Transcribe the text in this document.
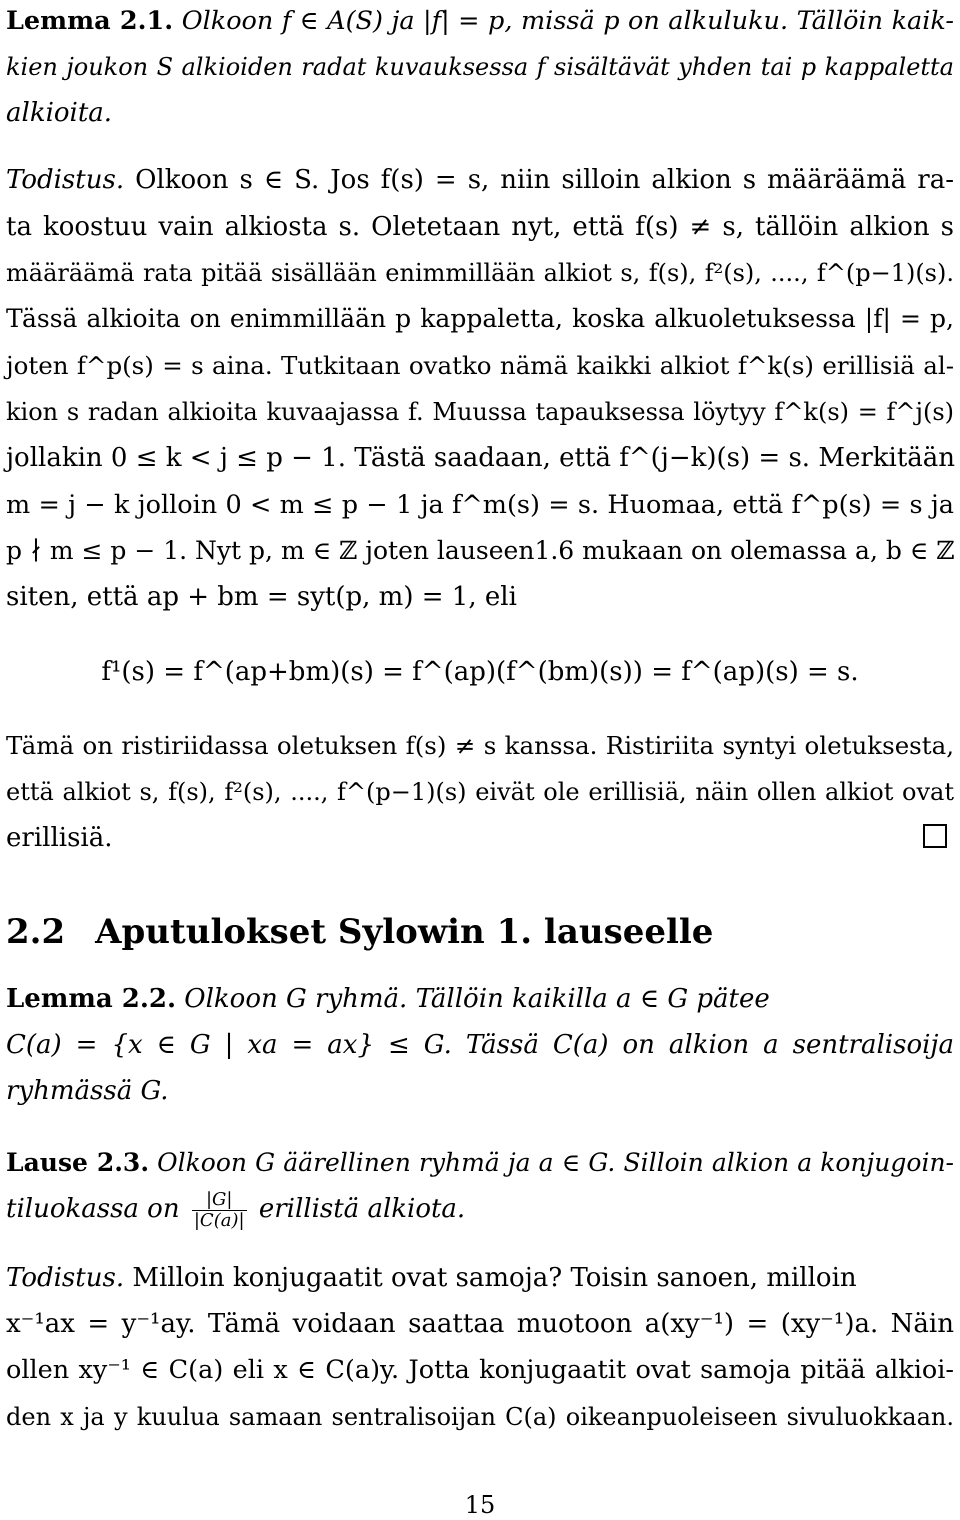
Lemma 2.1. Olkoon f ∈ A(S) ja |f| = p, missä p on alkuluku. Tällöin kaik-
kien joukon S alkioiden radat kuvauksessa f sisältävät yhden tai p kappaletta
alkioita.
Todistus. Olkoon s ∈ S. Jos f(s) = s, niin silloin alkion s määräämä ra-
ta koostuu vain alkiosta s. Oletetaan nyt, että f(s) ≠ s, tällöin alkion s
määräämä rata pitää sisällään enimmillään alkiot s, f(s), f²(s), ...., f^(p−1)(s).
Tässä alkioita on enimmillään p kappaletta, koska alkuoletuksessa |f| = p,
joten f^p(s) = s aina. Tutkitaan ovatko nämä kaikki alkiot f^k(s) erillisiä al-
kion s radan alkioita kuvaajassa f. Muussa tapauksessa löytyy f^k(s) = f^j(s)
jollakin 0 ≤ k < j ≤ p − 1. Tästä saadaan, että f^(j−k)(s) = s. Merkitään
m = j − k jolloin 0 < m ≤ p − 1 ja f^m(s) = s. Huomaa, että f^p(s) = s ja
p ∤ m ≤ p − 1. Nyt p, m ∈ ℤ joten lauseen1.6 mukaan on olemassa a, b ∈ ℤ
siten, että ap + bm = syt(p, m) = 1, eli
f¹(s) = f^(ap+bm)(s) = f^(ap)(f^(bm)(s)) = f^(ap)(s) = s.
Tämä on ristiriidassa oletuksen f(s) ≠ s kanssa. Ristiriita syntyi oletuksesta,
että alkiot s, f(s), f²(s), ...., f^(p−1)(s) eivät ole erillisiä, näin ollen alkiot ovat
erillisiä.
2.2 Aputulokset Sylowin 1. lauseelle
Lemma 2.2. Olkoon G ryhmä. Tällöin kaikilla a ∈ G pätee
C(a) = {x ∈ G | xa = ax} ≤ G. Tässä C(a) on alkion a sentralisoija
ryhmässä G.
Lause 2.3. Olkoon G äärellinen ryhmä ja a ∈ G. Silloin alkion a konjugoin-
tiluokassa on $\frac{|G|}{|C(a)|}$ erillistä alkiota.
Todistus. Milloin konjugaatit ovat samoja? Toisin sanoen, milloin
x⁻¹ax = y⁻¹ay. Tämä voidaan saattaa muotoon a(xy⁻¹) = (xy⁻¹)a. Näin
ollen xy⁻¹ ∈ C(a) eli x ∈ C(a)y. Jotta konjugaatit ovat samoja pitää alkioi-
den x ja y kuulua samaan sentralisoijan C(a) oikeanpuoleiseen sivuluokkaan.
15
